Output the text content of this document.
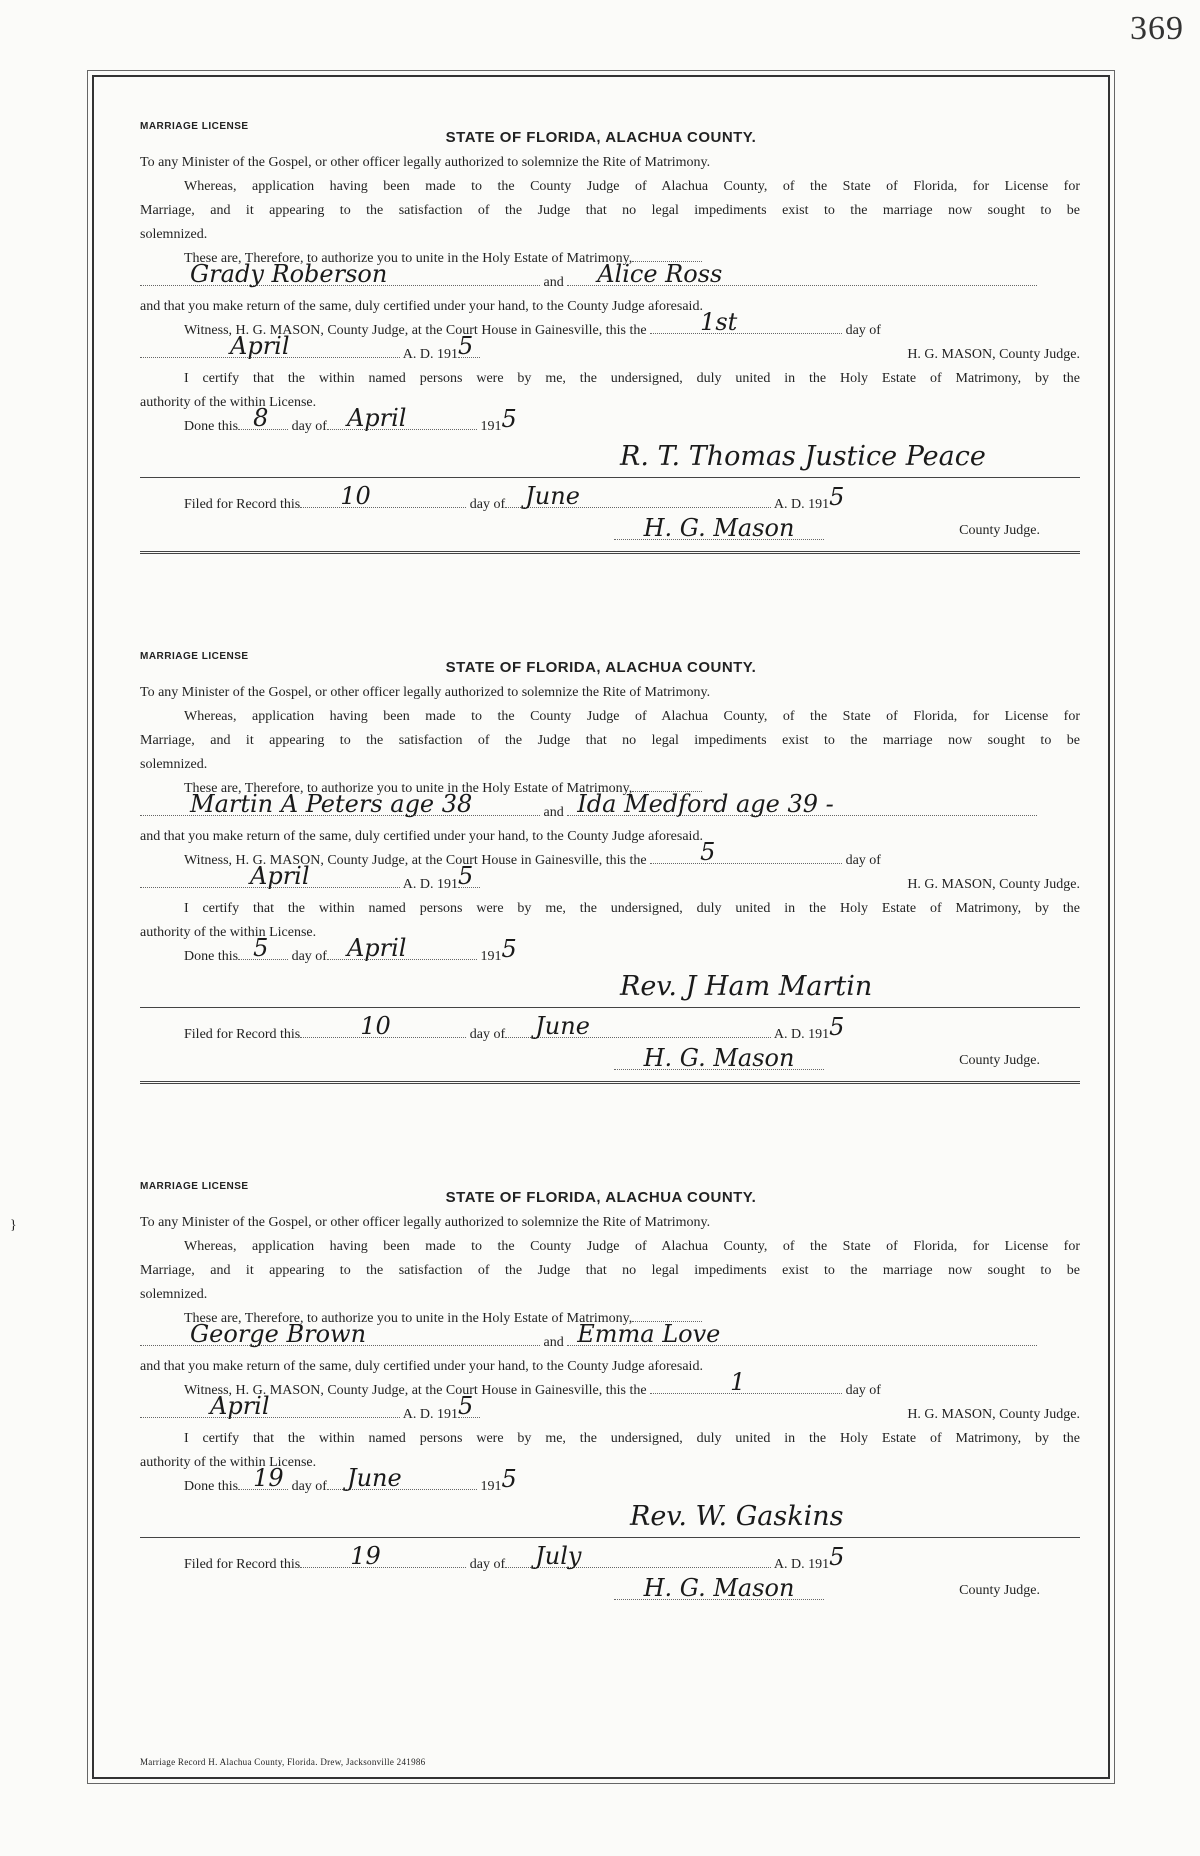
369
}
MARRIAGE LICENSE
STATE OF FLORIDA, ALACHUA COUNTY.
To any Minister of the Gospel, or other officer legally authorized to solemnize the Rite of Matrimony.
Whereas, application having been made to the County Judge of Alachua County, of the State of Florida, for License for
Marriage, and it appearing to the satisfaction of the Judge that no legal impediments exist to the marriage now sought to be
solemnized.
These are, Therefore, to authorize you to unite in the Holy Estate of Matrimony,
Grady Roberson	and Alice Ross
and that you make return of the same, duly certified under your hand, to the County Judge aforesaid.
Witness, H. G. MASON, County Judge, at the Court House in Gainesville, this the 1st	day of
April	A. D. 191 5	H. G. MASON, County Judge.
I certify that the within named persons were by me, the undersigned, duly united in the Holy Estate of Matrimony, by the
authority of the within License.
Done this 8 day of April	191 5
R. T. Thomas Justice Peace
Filed for Record this 10	day of June	A. D. 191 5
H. G. Mason	County Judge.
MARRIAGE LICENSE
STATE OF FLORIDA, ALACHUA COUNTY.
To any Minister of the Gospel, or other officer legally authorized to solemnize the Rite of Matrimony.
Whereas, application having been made to the County Judge of Alachua County, of the State of Florida, for License for
Marriage, and it appearing to the satisfaction of the Judge that no legal impediments exist to the marriage now sought to be
solemnized.
These are, Therefore, to authorize you to unite in the Holy Estate of Matrimony,
Martin A Peters age 38	and Ida Medford age 39 -
and that you make return of the same, duly certified under your hand, to the County Judge aforesaid.
Witness, H. G. MASON, County Judge, at the Court House in Gainesville, this the 5	day of
April	A. D. 191 5	H. G. MASON, County Judge.
I certify that the within named persons were by me, the undersigned, duly united in the Holy Estate of Matrimony, by the
authority of the within License.
Done this 5 day of April	191 5
Rev. J Ham Martin
Filed for Record this	10	day of June	A. D. 191 5
H. G. Mason	County Judge.
MARRIAGE LICENSE
STATE OF FLORIDA, ALACHUA COUNTY.
To any Minister of the Gospel, or other officer legally authorized to solemnize the Rite of Matrimony.
Whereas, application having been made to the County Judge of Alachua County, of the State of Florida, for License for
Marriage, and it appearing to the satisfaction of the Judge that no legal impediments exist to the marriage now sought to be
solemnized.
These are, Therefore, to authorize you to unite in the Holy Estate of Matrimony,
George Brown	and Emma Love
and that you make return of the same, duly certified under your hand, to the County Judge aforesaid.
Witness, H. G. MASON, County Judge, at the Court House in Gainesville, this the	1	day of
April	A. D. 191 5	H. G. MASON, County Judge.
I certify that the within named persons were by me, the undersigned, duly united in the Holy Estate of Matrimony, by the
authority of the within License.
Done this 19 day of June	191 5
Rev. W. Gaskins
Filed for Record this 19	day of July	A. D. 191 5
H. G. Mason	County Judge.
Marriage Record H. Alachua County, Florida. Drew, Jacksonville 241986
